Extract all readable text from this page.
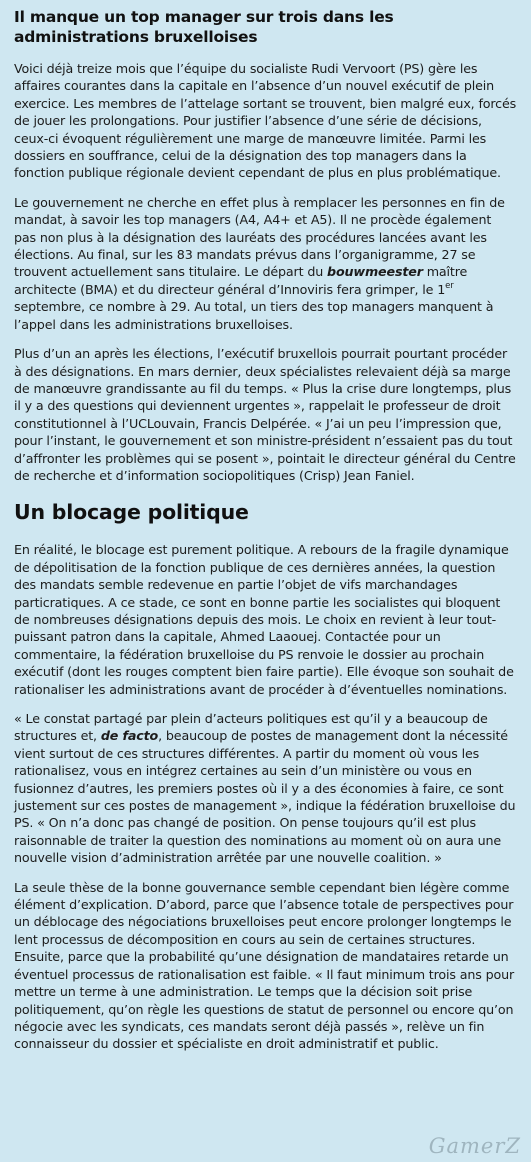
Il manque un top manager sur trois dans les administrations bruxelloises

Voici déjà treize mois que l’équipe du socialiste Rudi Vervoort (PS) gère les affaires courantes dans la capitale en l’absence d’un nouvel exécutif de plein exercice. Les membres de l’attelage sortant se trouvent, bien malgré eux, forcés de jouer les prolongations. Pour justifier l’absence d’une série de décisions, ceux-ci évoquent régulièrement une marge de manœuvre limitée. Parmi les dossiers en souffrance, celui de la désignation des top managers dans la fonction publique régionale devient cependant de plus en plus problématique.

Le gouvernement ne cherche en effet plus à remplacer les personnes en fin de mandat, à savoir les top managers (A4, A4+ et A5). Il ne procède également pas non plus à la désignation des lauréats des procédures lancées avant les élections. Au final, sur les 83 mandats prévus dans l’organigramme, 27 se trouvent actuellement sans titulaire. Le départ du bouwmeester maître architecte (BMA) et du directeur général d’Innoviris fera grimper, le 1er septembre, ce nombre à 29. Au total, un tiers des top managers manquent à l’appel dans les administrations bruxelloises.

Plus d’un an après les élections, l’exécutif bruxellois pourrait pourtant procéder à des désignations. En mars dernier, deux spécialistes relevaient déjà sa marge de manœuvre grandissante au fil du temps. « Plus la crise dure longtemps, plus il y a des questions qui deviennent urgentes », rappelait le professeur de droit constitutionnel à l’UCLouvain, Francis Delpérée. « J’ai un peu l’impression que, pour l’instant, le gouvernement et son ministre-président n’essaient pas du tout d’affronter les problèmes qui se posent », pointait le directeur général du Centre de recherche et d’information sociopolitiques (Crisp) Jean Faniel.

Un blocage politique

En réalité, le blocage est purement politique. A rebours de la fragile dynamique de dépolitisation de la fonction publique de ces dernières années, la question des mandats semble redevenue en partie l’objet de vifs marchandages particratiques. A ce stade, ce sont en bonne partie les socialistes qui bloquent de nombreuses désignations depuis des mois. Le choix en revient à leur tout-puissant patron dans la capitale, Ahmed Laaouej. Contactée pour un commentaire, la fédération bruxelloise du PS renvoie le dossier au prochain exécutif (dont les rouges comptent bien faire partie). Elle évoque son souhait de rationaliser les administrations avant de procéder à d’éventuelles nominations.

« Le constat partagé par plein d’acteurs politiques est qu’il y a beaucoup de structures et, de facto, beaucoup de postes de management dont la nécessité vient surtout de ces structures différentes. A partir du moment où vous les rationalisez, vous en intégrez certaines au sein d’un ministère ou vous en fusionnez d’autres, les premiers postes où il y a des économies à faire, ce sont justement sur ces postes de management », indique la fédération bruxelloise du PS. « On n’a donc pas changé de position. On pense toujours qu’il est plus raisonnable de traiter la question des nominations au moment où on aura une nouvelle vision d’administration arrêtée par une nouvelle coalition. »

La seule thèse de la bonne gouvernance semble cependant bien légère comme élément d’explication. D’abord, parce que l’absence totale de perspectives pour un déblocage des négociations bruxelloises peut encore prolonger longtemps le lent processus de décomposition en cours au sein de certaines structures. Ensuite, parce que la probabilité qu’une désignation de mandataires retarde un éventuel processus de rationalisation est faible. « Il faut minimum trois ans pour mettre un terme à une administration. Le temps que la décision soit prise politiquement, qu’on règle les questions de statut de personnel ou encore qu’on négocie avec les syndicats, ces mandats seront déjà passés », relève un fin connaisseur du dossier et spécialiste en droit administratif et public.

GamerZ
